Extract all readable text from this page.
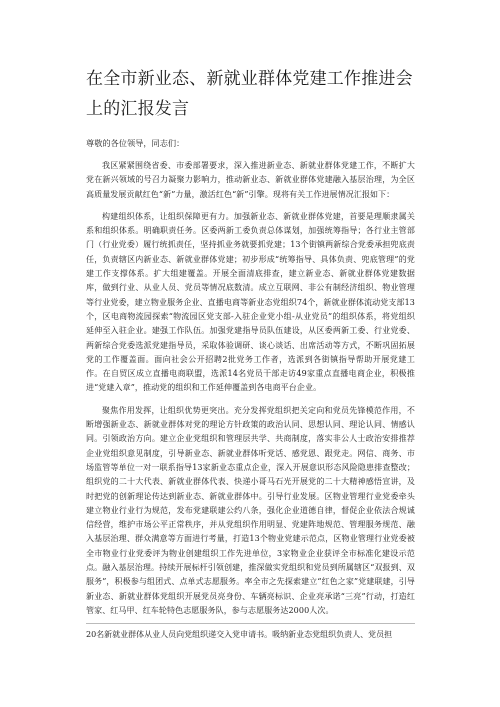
在全市新业态、新就业群体党建工作推进会上的汇报发言

尊敬的各位领导，同志们：

我区紧紧围绕省委、市委部署要求，深入推进新业态、新就业群体党建工作，不断扩大党在新兴领域的号召力凝聚力影响力，推动新业态、新就业群体党建融入基层治理，为全区高质量发展贡献红色“新”力量，激活红色“新”引擎。现将有关工作进展情况汇报如下：

构建组织体系，让组织保障更有力。加强新业态、新就业群体党建，首要是理顺隶属关系和组织体系。明确职责任务。区委两新工委负责总体谋划，加强统筹指导；各行业主管部门（行业党委）履行统抓责任，坚持抓业务就要抓党建；13个街镇两新综合党委承担兜底责任，负责辖区内新业态、新就业群体党建；初步形成“统筹指导、具体负责、兜底管理”的党建工作支撑体系。扩大组建覆盖。开展全面清底排查，建立新业态、新就业群体党建数据库，做到行业、从业人员、党员等情况底数清。成立互联网、非公有制经济组织、物业管理等行业党委，建立物业服务企业、直播电商等新业态党组织74个，新就业群体流动党支部13个，区电商物流园探索“物流园区党支部-入驻企业党小组-从业党员”的组织体系，将党组织延伸至入驻企业。建强工作队伍。加强党建指导员队伍建设，从区委两新工委、行业党委、两新综合党委选派党建指导员，采取体验调研、谈心谈话、出席活动等方式，不断巩固拓展党的工作覆盖面。面向社会公开招聘2批党务工作者，选派到各街镇指导帮助开展党建工作。在自贸区成立直播电商联盟，选派14名党员干部走访49家重点直播电商企业，积极推进“党建入章”，推动党的组织和工作延伸覆盖到各电商平台企业。

聚焦作用发挥，让组织优势更突出。充分发挥党组织把关定向和党员先锋模范作用，不断增强新业态、新就业群体对党的理论方针政策的政治认同、思想认同、理论认同、情感认同。引领政治方向。建立企业党组织和管理层共学、共商制度，落实非公人士政治安排推荐企业党组织意见制度，引导新业态、新就业群体听党话、感党恩、跟党走。网信、商务、市场监管等单位一对一联系指导13家新业态重点企业，深入开展意识形态风险隐患排查整改；组织党的二十大代表、新就业群体代表、快递小哥马石光开展党的二十大精神感悟宣讲，及时把党的创新理论传达到新业态、新就业群体中。引导行业发展。区物业管理行业党委牵头建立物业行业行为规范，发布党建联建公约八条，强化企业道德自律，督促企业依法合规诚信经营，维护市场公平正常秩序，并从党组织作用明显、党建阵地规范、管理服务规范、融入基层治理、群众满意等方面进行考量，打造13个物业党建示范点，区物业管理行业党委被全市物业行业党委评为物业创建组织工作先进单位，3家物业企业获评全市标准化建设示范点。融入基层治理。持续开展标杆引领创建，推深做实党组织和党员到所属辖区“双报到、双服务”，积极参与组团式、点单式志愿服务。率全市之先探索建立“红色之家”党建联建，引导新业态、新就业群体党组织开展党员亮身份、车辆亮标识、企业亮承诺“三亮”行动，打造红管家、红马甲、红车轮特色志愿服务队，参与志愿服务达2000人次。

20名新就业群体从业人员向党组织递交入党申请书。吸纳新业态党组织负责人、党员担
